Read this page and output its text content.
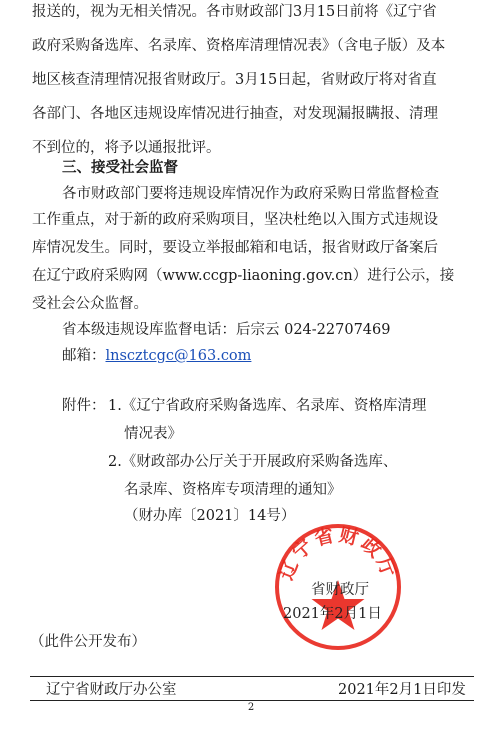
报送的，视为无相关情况。各市财政部门3月15日前将《辽宁省
政府采购备选库、名录库、资格库清理情况表》（含电子版）及本
地区核查清理情况报省财政厅。3月15日起，省财政厅将对省直
各部门、各地区违规设库情况进行抽查，对发现漏报瞒报、清理
不到位的，将予以通报批评。
三、接受社会监督
各市财政部门要将违规设库情况作为政府采购日常监督检查
工作重点，对于新的政府采购项目，坚决杜绝以入围方式违规设
库情况发生。同时，要设立举报邮箱和电话，报省财政厅备案后
在辽宁政府采购网（www.ccgp-liaoning.gov.cn）进行公示，接
受社会公众监督。
省本级违规设库监督电话：后宗云 024-22707469
邮箱：lnscztcgc@163.com
附件： 1.《辽宁省政府采购备选库、名录库、资格库清理
情况表》
2.《财政部办公厅关于开展政府采购备选库、
名录库、资格库专项清理的通知》
（财办库〔2021〕14号）
辽宁省财政厅
省财政厅
2021年2月1日
（此件公开发布）
辽宁省财政厅办公室	2021年2月1日印发
2
